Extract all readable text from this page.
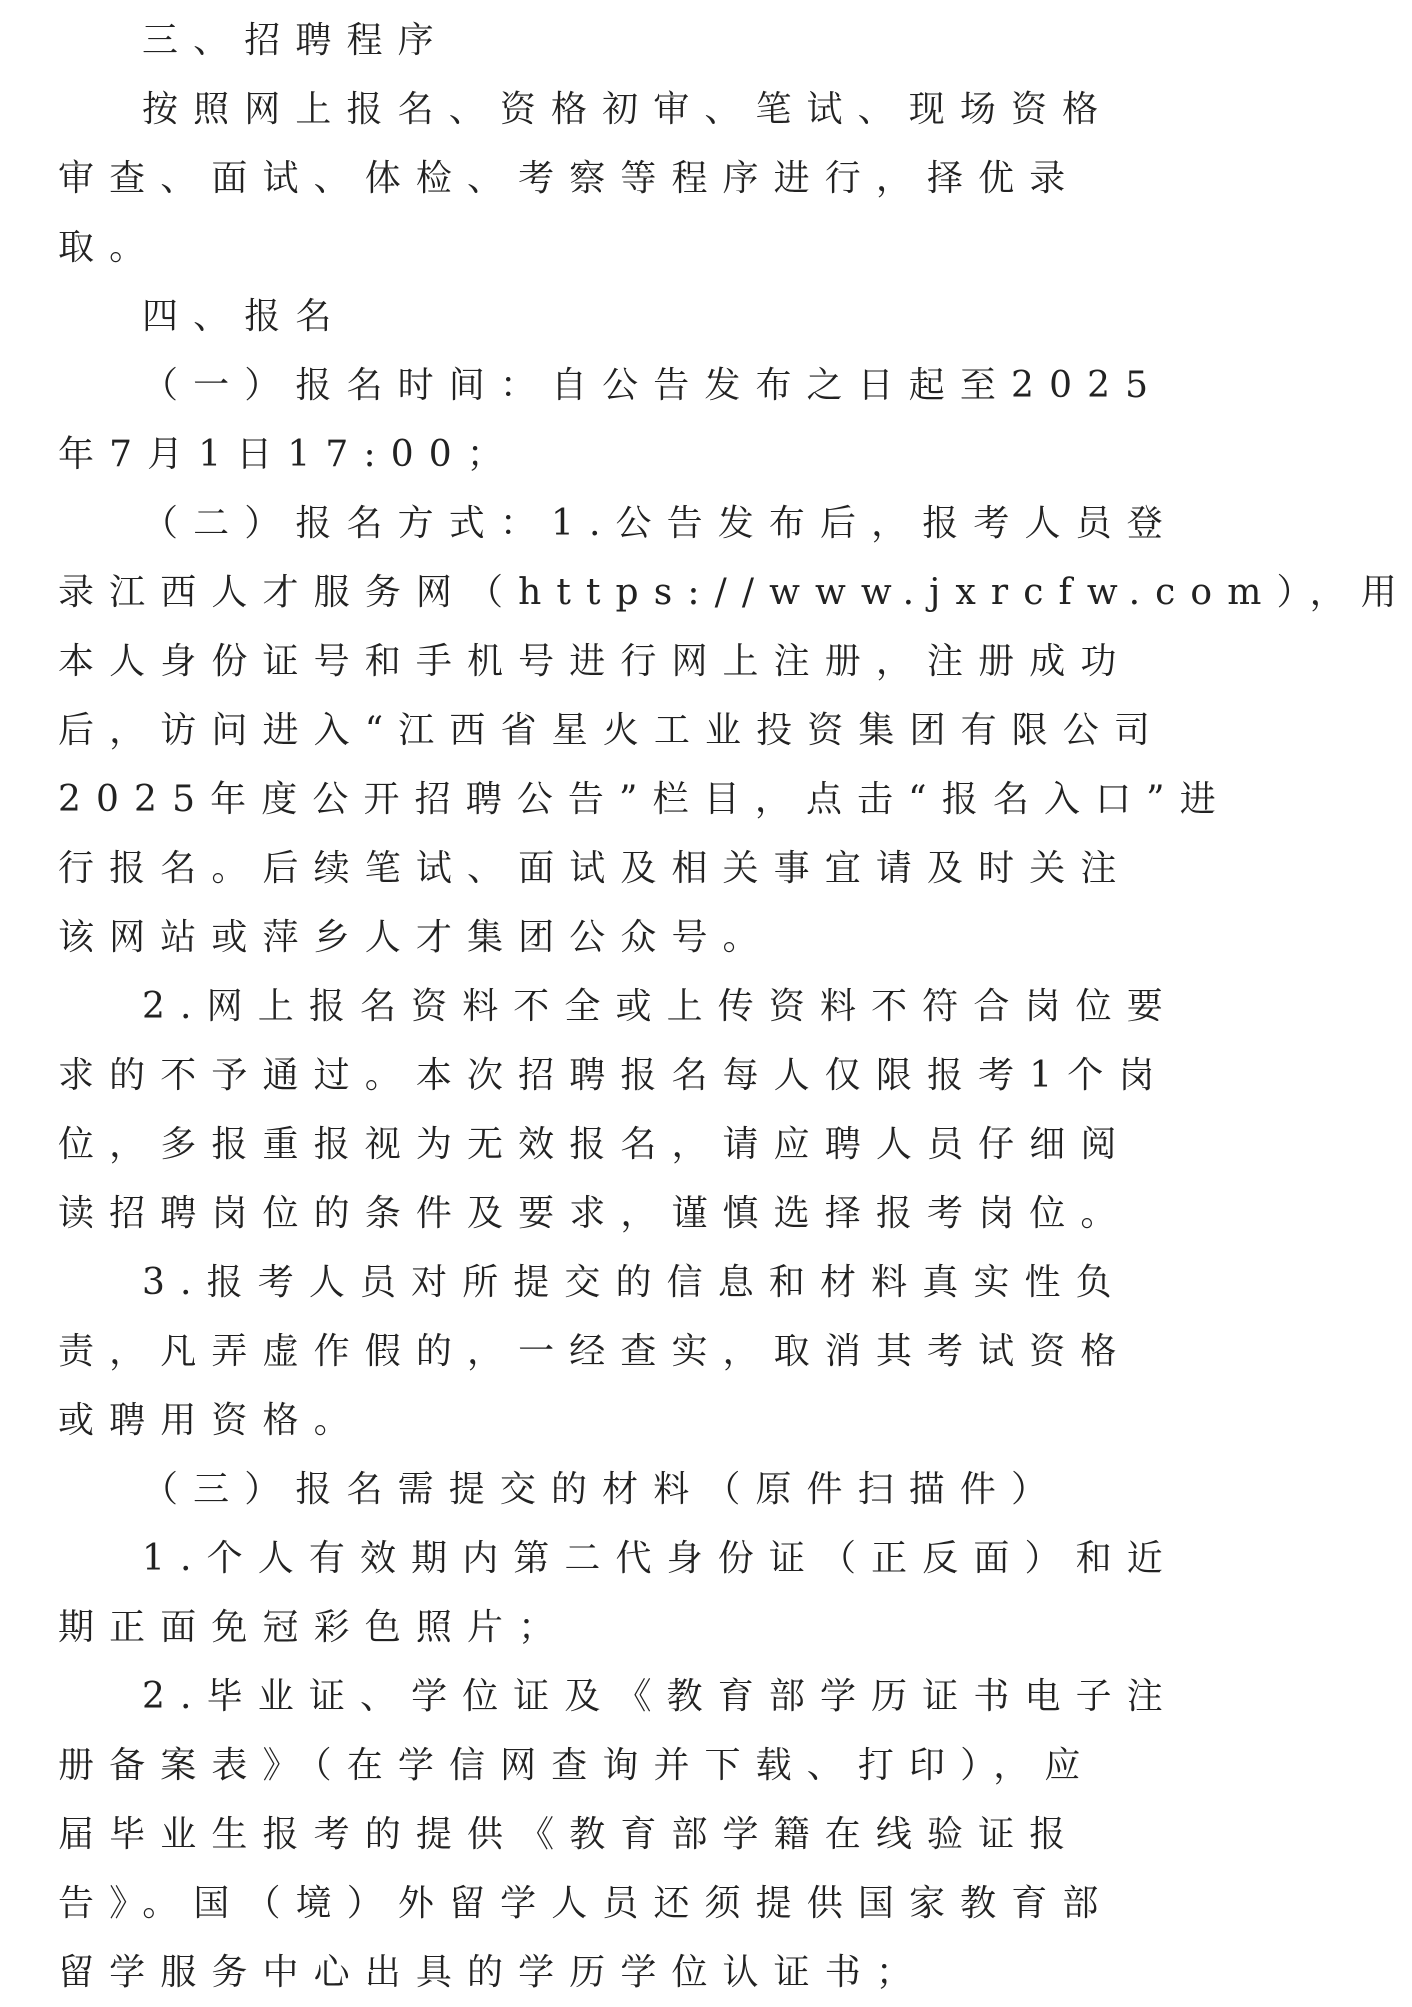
三、招聘程序
按照网上报名、资格初审、笔试、现场资格
审查、面试、体检、考察等程序进行，择优录
取。
四、报名
（一）报名时间：自公告发布之日起至2025
年7月1日17:00；
（二）报名方式：1.公告发布后，报考人员登
录江西人才服务网（https://www.jxrcfw.com），用
本人身份证号和手机号进行网上注册，注册成功
后，访问进入“江西省星火工业投资集团有限公司
2025年度公开招聘公告”栏目，点击“报名入口”进
行报名。后续笔试、面试及相关事宜请及时关注
该网站或萍乡人才集团公众号。
2.网上报名资料不全或上传资料不符合岗位要
求的不予通过。本次招聘报名每人仅限报考1个岗
位，多报重报视为无效报名，请应聘人员仔细阅
读招聘岗位的条件及要求，谨慎选择报考岗位。
3.报考人员对所提交的信息和材料真实性负
责，凡弄虚作假的，一经查实，取消其考试资格
或聘用资格。
（三）报名需提交的材料（原件扫描件）
1.个人有效期内第二代身份证（正反面）和近
期正面免冠彩色照片；
2.毕业证、学位证及《教育部学历证书电子注
册备案表》（在学信网查询并下载、打印），应
届毕业生报考的提供《教育部学籍在线验证报
告》。国（境）外留学人员还须提供国家教育部
留学服务中心出具的学历学位认证书；
